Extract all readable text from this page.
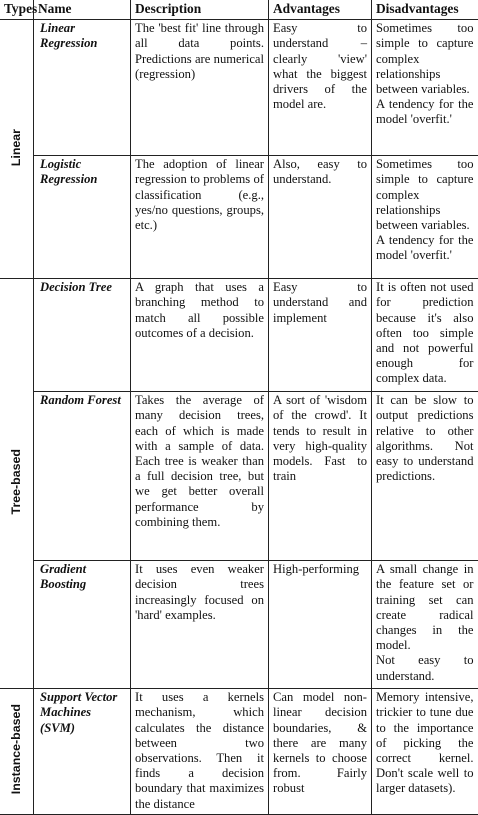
Types	Name	Description	Advantages	Disadvantages
Linear	Linear Regression	The 'best fit' line through all data points. Predictions are numerical (regression)	Easy to understand – clearly 'view' what the biggest drivers of the model are.	Sometimes too simple to capture complex relationships between variables.
A tendency for the model 'overfit.'

	Logistic Regression	The adoption of linear regression to problems of classification (e.g., yes/no questions, groups, etc.)	Also, easy to understand.	Sometimes too simple to capture complex relationships between variables.
A tendency for the model 'overfit.'

Tree-based	Decision Tree	A graph that uses a branching method to match all possible outcomes of a decision.	Easy to understand and implement	It is often not used for prediction because it's also often too simple and not powerful enough for complex data.

	Random Forest	Takes the average of many decision trees, each of which is made with a sample of data. Each tree is weaker than a full decision tree, but we get better overall performance by combining them.	A sort of 'wisdom of the crowd'. It tends to result in very high-quality models. Fast to train	It can be slow to output predictions relative to other algorithms. Not easy to understand predictions.

	Gradient Boosting	It uses even weaker decision trees increasingly focused on 'hard' examples.	High-performing	A small change in the feature set or training set can create radical changes in the model.
Not easy to understand.

Instance-based	Support Vector Machines (SVM)	It uses a kernels mechanism, which calculates the distance between two observations. Then it finds a decision boundary that maximizes the distance	Can model non-linear decision boundaries, & there are many kernels to choose from. Fairly robust	Memory intensive, trickier to tune due to the importance of picking the correct kernel. Don't scale well to larger datasets).
